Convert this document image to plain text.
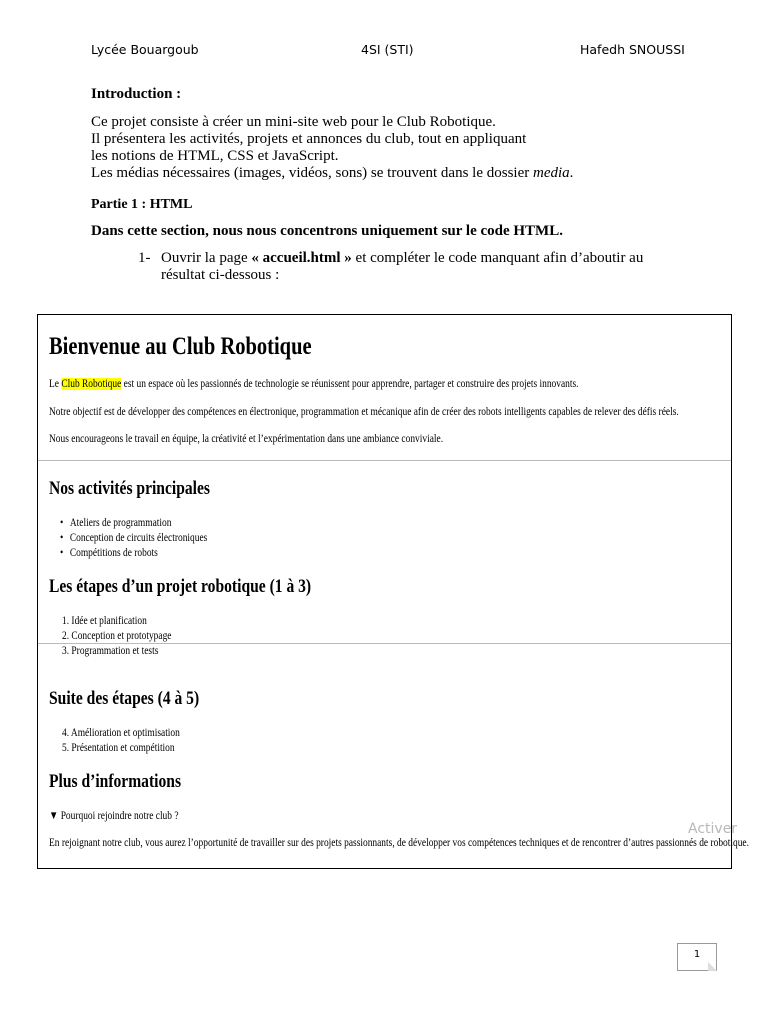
Lycée Bouargoub	4SI (STI)	Hafedh SNOUSSI
Introduction :
Ce projet consiste à créer un mini-site web pour le Club Robotique.
Il présentera les activités, projets et annonces du club, tout en appliquant
les notions de HTML, CSS et JavaScript.
Les médias nécessaires (images, vidéos, sons) se trouvent dans le dossier media.
Partie 1 : HTML
Dans cette section, nous nous concentrons uniquement sur le code HTML.
1- Ouvrir la page « accueil.html » et compléter le code manquant afin d’aboutir au résultat ci-dessous :
Bienvenue au Club Robotique

Le Club Robotique est un espace où les passionnés de technologie se réunissent pour apprendre, partager et construire des projets innovants.

Notre objectif est de développer des compétences en électronique, programmation et mécanique afin de créer des robots intelligents capables de relever des défis réels.

Nous encourageons le travail en équipe, la créativité et l’expérimentation dans une ambiance conviviale.

Nos activités principales
• Ateliers de programmation
• Conception de circuits électroniques
• Compétitions de robots
Les étapes d’un projet robotique (1 à 3)
1. Idée et planification
2. Conception et prototypage
3. Programmation et tests
Suite des étapes (4 à 5)
4. Amélioration et optimisation
5. Présentation et compétition
Plus d’informations

▼ Pourquoi rejoindre notre club ?

En rejoignant notre club, vous aurez l’opportunité de travailler sur des projets passionnants, de développer vos compétences techniques et de rencontrer d’autres passionnés de robotique.

Activer
1
